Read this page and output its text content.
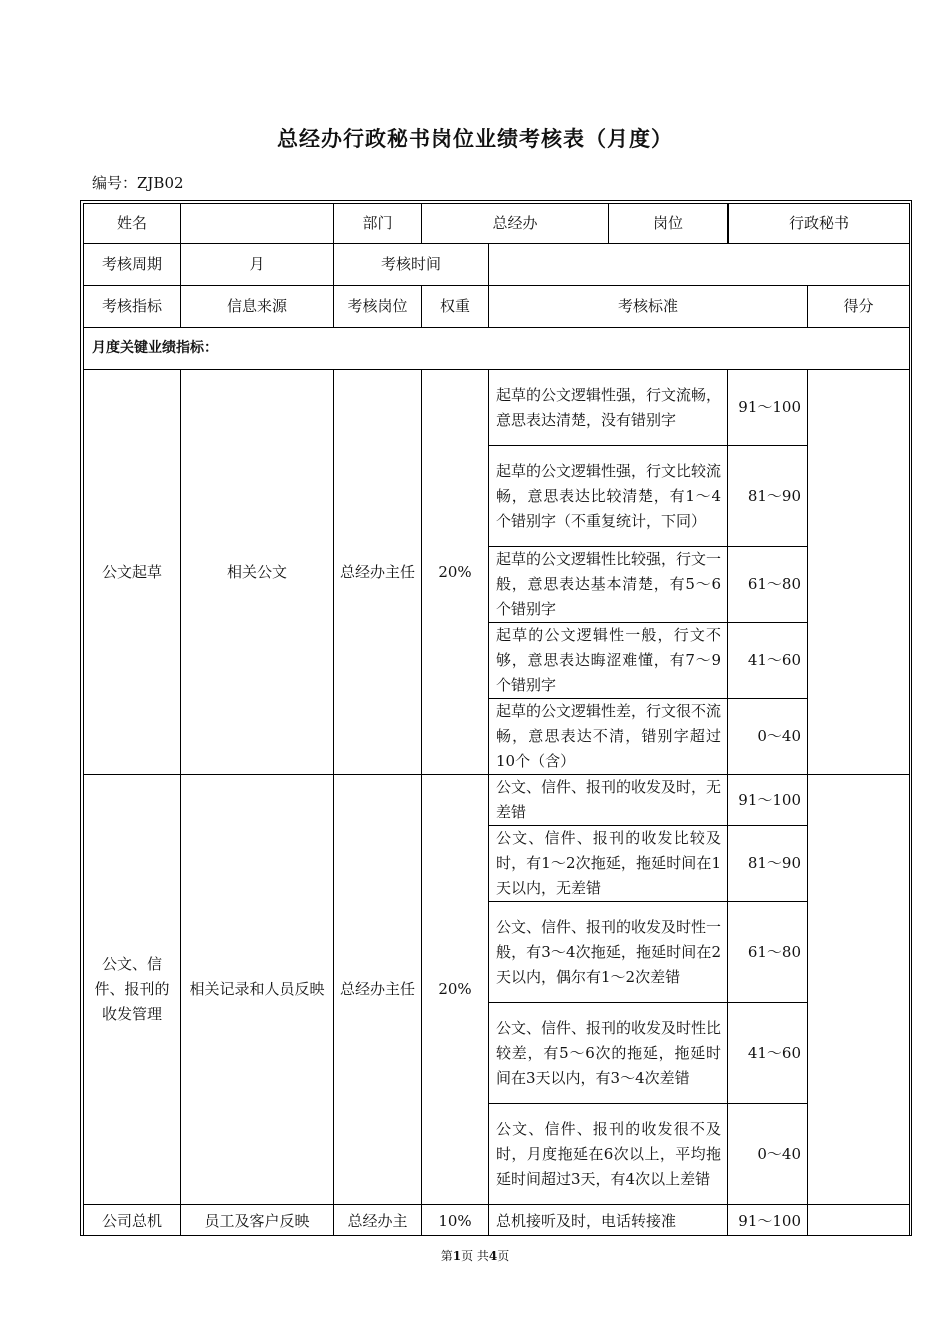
总经办行政秘书岗位业绩考核表（月度）
编号：ZJB02
姓名		部门	总经办 岗位		行政秘书	

考核周期	月	考核时间				
考核指标	信息来源	考核岗位	权重	考核标准		得分
月度关键业绩指标：						
公文起草	相关公文	总经办主任	20%	起草的公文逻辑性强，行文流畅，意思表达清楚，没有错别字	91～100	
				起草的公文逻辑性强，行文比较流畅，意思表达比较清楚，有1～4个错别字（不重复统计，下同）	81～90	
				起草的公文逻辑性比较强，行文一般，意思表达基本清楚，有5～6个错别字	61～80	
				起草的公文逻辑性一般，行文不够，意思表达晦涩难懂，有7～9个错别字	41～60	
				起草的公文逻辑性差，行文很不流畅，意思表达不清，错别字超过10个（含）	0～40	

公文、信件、报刊的收发管理	相关记录和人员反映	总经办主任	20%	公文、信件、报刊的收发及时，无差错	91～100	
				公文、信件、报刊的收发比较及时，有1～2次拖延，拖延时间在1天以内，无差错	81～90	
				公文、信件、报刊的收发及时性一般，有3～4次拖延，拖延时间在2天以内，偶尔有1～2次差错	61～80	
				公文、信件、报刊的收发及时性比较差，有5～6次的拖延，拖延时间在3天以内，有3～4次差错	41～60	
				公文、信件、报刊的收发很不及时，月度拖延在6次以上，平均拖延时间超过3天，有4次以上差错	0～40	
公司总机	员工及客户反映	总经办主	10%	总机接听及时，电话转接准	91～100	
第1页 共4页
